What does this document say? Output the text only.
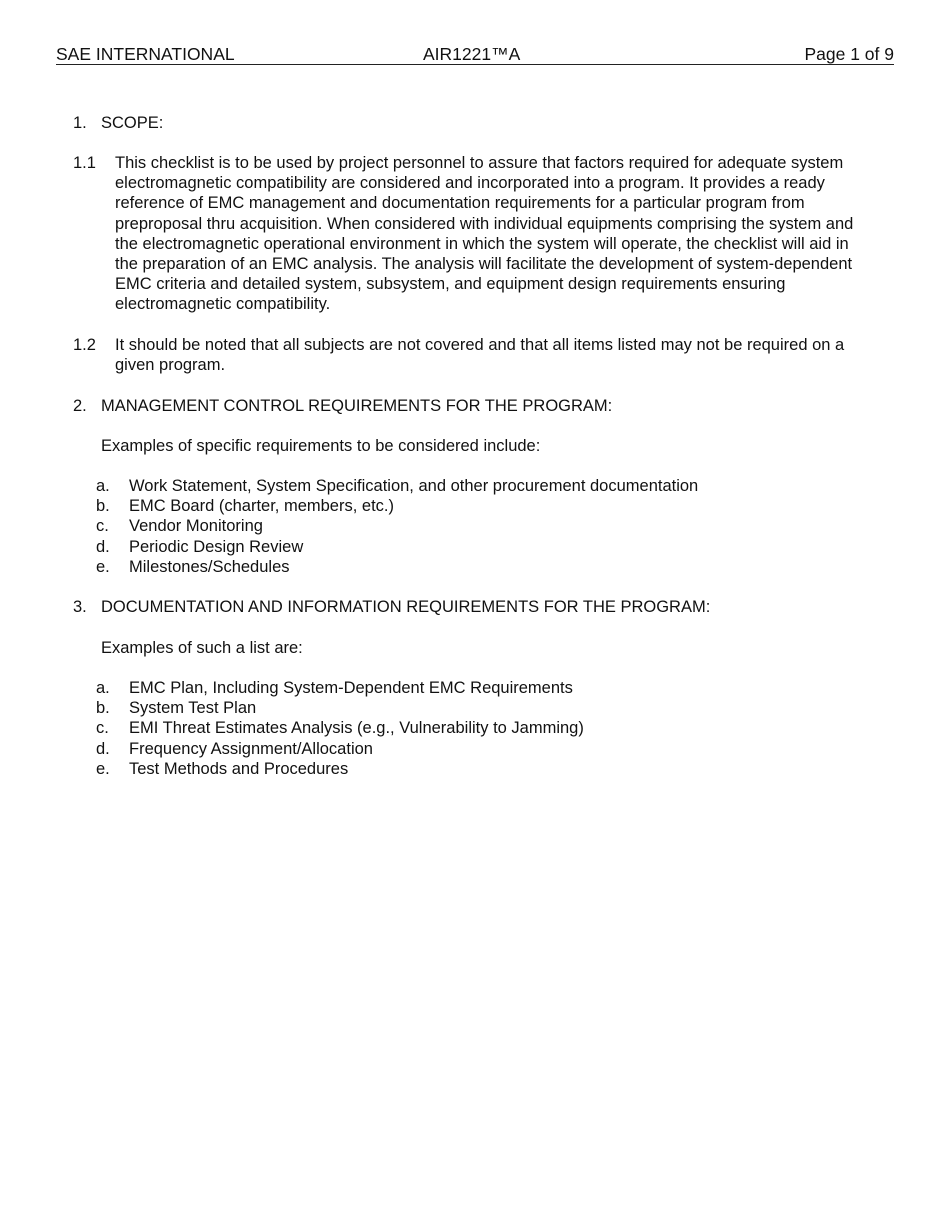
SAE INTERNATIONAL	AIR1221™A	Page 1 of 9
1. SCOPE:
1.1 This checklist is to be used by project personnel to assure that factors required for adequate system electromagnetic compatibility are considered and incorporated into a program. It provides a ready reference of EMC management and documentation requirements for a particular program from preproposal thru acquisition. When considered with individual equipments comprising the system and the electromagnetic operational environment in which the system will operate, the checklist will aid in the preparation of an EMC analysis. The analysis will facilitate the development of system-dependent EMC criteria and detailed system, subsystem, and equipment design requirements ensuring electromagnetic compatibility.
1.2 It should be noted that all subjects are not covered and that all items listed may not be required on a given program.
2. MANAGEMENT CONTROL REQUIREMENTS FOR THE PROGRAM:
Examples of specific requirements to be considered include:
a. Work Statement, System Specification, and other procurement documentation
b. EMC Board (charter, members, etc.)
c. Vendor Monitoring
d. Periodic Design Review
e. Milestones/Schedules
3. DOCUMENTATION AND INFORMATION REQUIREMENTS FOR THE PROGRAM:
Examples of such a list are:
a. EMC Plan, Including System-Dependent EMC Requirements
b. System Test Plan
c. EMI Threat Estimates Analysis (e.g., Vulnerability to Jamming)
d. Frequency Assignment/Allocation
e. Test Methods and Procedures
